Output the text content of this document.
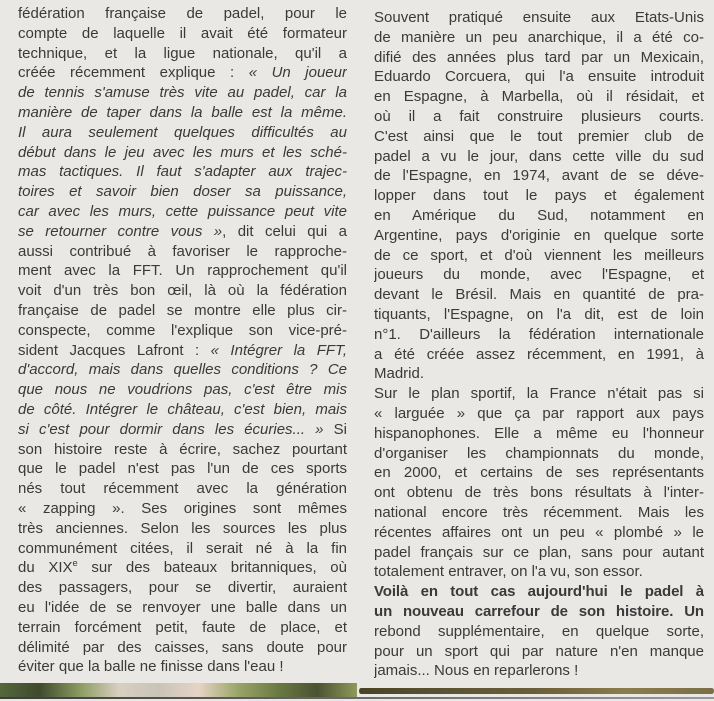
fédération française de padel, pour le
compte de laquelle il avait été formateur
technique, et la ligue nationale, qu'il a
créée récemment explique : « Un joueur
de tennis s'amuse très vite au padel, car la
manière de taper dans la balle est la même.
Il aura seulement quelques difficultés au
début dans le jeu avec les murs et les sché-
mas tactiques. Il faut s'adapter aux trajec-
toires et savoir bien doser sa puissance,
car avec les murs, cette puissance peut vite
se retourner contre vous », dit celui qui a
aussi contribué à favoriser le rapproche-
ment avec la FFT. Un rapprochement qu'il
voit d'un très bon œil, là où la fédération
française de padel se montre elle plus cir-
conspecte, comme l'explique son vice-pré-
sident Jacques Lafront : « Intégrer la FFT,
d'accord, mais dans quelles conditions ? Ce
que nous ne voudrions pas, c'est être mis
de côté. Intégrer le château, c'est bien, mais
si c'est pour dormir dans les écuries... » Si
son histoire reste à écrire, sachez pourtant
que le padel n'est pas l'un de ces sports
nés tout récemment avec la génération
« zapping ». Ses origines sont mêmes
très anciennes. Selon les sources les plus
communément citées, il serait né à la fin
du XIXe sur des bateaux britanniques, où
des passagers, pour se divertir, auraient
eu l'idée de se renvoyer une balle dans un
terrain forcément petit, faute de place, et
délimité par des caisses, sans doute pour
éviter que la balle ne finisse dans l'eau !
Souvent pratiqué ensuite aux Etats-Unis
de manière un peu anarchique, il a été co-
difié des années plus tard par un Mexicain,
Eduardo Corcuera, qui l'a ensuite introduit
en Espagne, à Marbella, où il résidait, et
où il a fait construire plusieurs courts.
C'est ainsi que le tout premier club de
padel a vu le jour, dans cette ville du sud
de l'Espagne, en 1974, avant de se déve-
lopper dans tout le pays et également
en Amérique du Sud, notamment en
Argentine, pays d'originie en quelque sorte
de ce sport, et d'où viennent les meilleurs
joueurs du monde, avec l'Espagne, et
devant le Brésil. Mais en quantité de pra-
tiquants, l'Espagne, on l'a dit, est de loin
n°1. D'ailleurs la fédération internationale
a été créée assez récemment, en 1991, à
Madrid.
Sur le plan sportif, la France n'était pas si
« larguée » que ça par rapport aux pays
hispanophones. Elle a même eu l'honneur
d'organiser les championnats du monde,
en 2000, et certains de ses représentants
ont obtenu de très bons résultats à l'inter-
national encore très récemment. Mais les
récentes affaires ont un peu « plombé » le
padel français sur ce plan, sans pour autant
totalement entraver, on l'a vu, son essor.
Voilà en tout cas aujourd'hui le padel à
un nouveau carrefour de son histoire. Un
rebond supplémentaire, en quelque sorte,
pour un sport qui par nature n'en manque
jamais... Nous en reparlerons !
